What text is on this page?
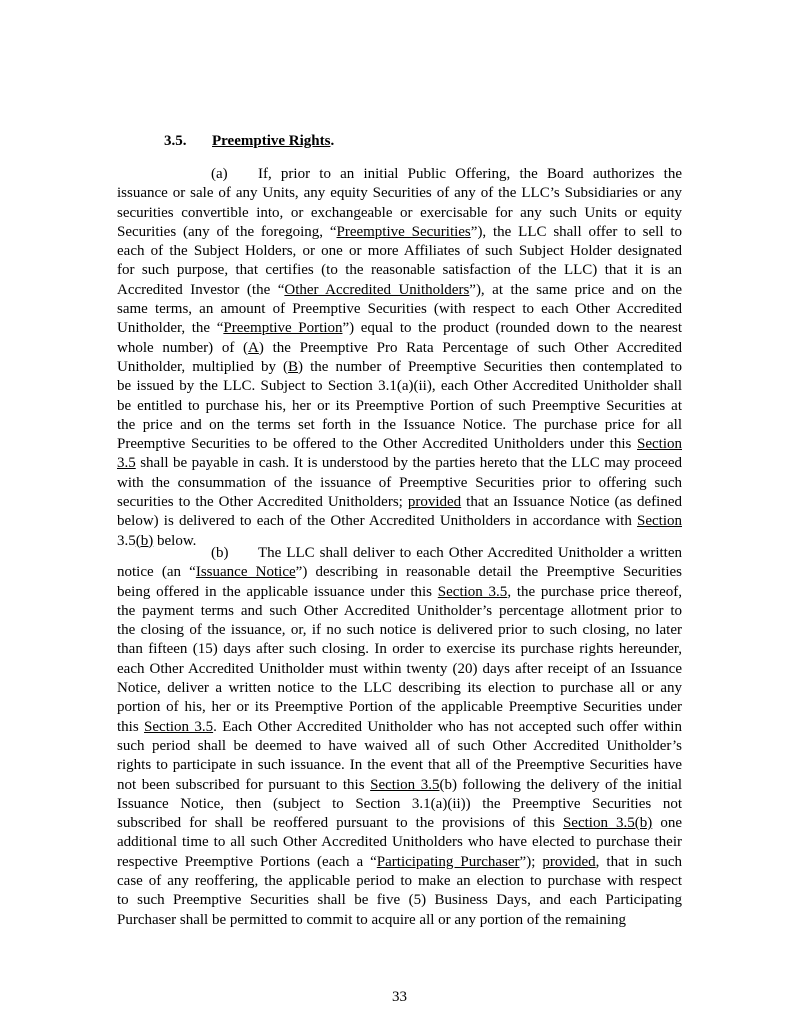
3.5. Preemptive Rights.
(a) If, prior to an initial Public Offering, the Board authorizes the
issuance or sale of any Units, any equity Securities of any of the LLC’s Subsidiaries or any
securities convertible into, or exchangeable or exercisable for any such Units or equity
Securities (any of the foregoing, “Preemptive Securities”), the LLC shall offer to sell to
each of the Subject Holders, or one or more Affiliates of such Subject Holder designated
for such purpose, that certifies (to the reasonable satisfaction of the LLC) that it is an
Accredited Investor (the “Other Accredited Unitholders”), at the same price and on the
same terms, an amount of Preemptive Securities (with respect to each Other Accredited
Unitholder, the “Preemptive Portion”) equal to the product (rounded down to the nearest
whole number) of (A) the Preemptive Pro Rata Percentage of such Other Accredited
Unitholder, multiplied by (B) the number of Preemptive Securities then contemplated to
be issued by the LLC. Subject to Section 3.1(a)(ii), each Other Accredited Unitholder shall
be entitled to purchase his, her or its Preemptive Portion of such Preemptive Securities at
the price and on the terms set forth in the Issuance Notice. The purchase price for all
Preemptive Securities to be offered to the Other Accredited Unitholders under this Section
3.5 shall be payable in cash. It is understood by the parties hereto that the LLC may proceed
with the consummation of the issuance of Preemptive Securities prior to offering such
securities to the Other Accredited Unitholders; provided that an Issuance Notice (as defined
below) is delivered to each of the Other Accredited Unitholders in accordance with Section
3.5(b) below.
(b) The LLC shall deliver to each Other Accredited Unitholder a written
notice (an “Issuance Notice”) describing in reasonable detail the Preemptive Securities
being offered in the applicable issuance under this Section 3.5, the purchase price thereof,
the payment terms and such Other Accredited Unitholder’s percentage allotment prior to
the closing of the issuance, or, if no such notice is delivered prior to such closing, no later
than fifteen (15) days after such closing. In order to exercise its purchase rights hereunder,
each Other Accredited Unitholder must within twenty (20) days after receipt of an Issuance
Notice, deliver a written notice to the LLC describing its election to purchase all or any
portion of his, her or its Preemptive Portion of the applicable Preemptive Securities under
this Section 3.5. Each Other Accredited Unitholder who has not accepted such offer within
such period shall be deemed to have waived all of such Other Accredited Unitholder’s
rights to participate in such issuance. In the event that all of the Preemptive Securities have
not been subscribed for pursuant to this Section 3.5(b) following the delivery of the initial
Issuance Notice, then (subject to Section 3.1(a)(ii)) the Preemptive Securities not
subscribed for shall be reoffered pursuant to the provisions of this Section 3.5(b) one
additional time to all such Other Accredited Unitholders who have elected to purchase their
respective Preemptive Portions (each a “Participating Purchaser”); provided, that in such
case of any reoffering, the applicable period to make an election to purchase with respect
to such Preemptive Securities shall be five (5) Business Days, and each Participating
Purchaser shall be permitted to commit to acquire all or any portion of the remaining
33
